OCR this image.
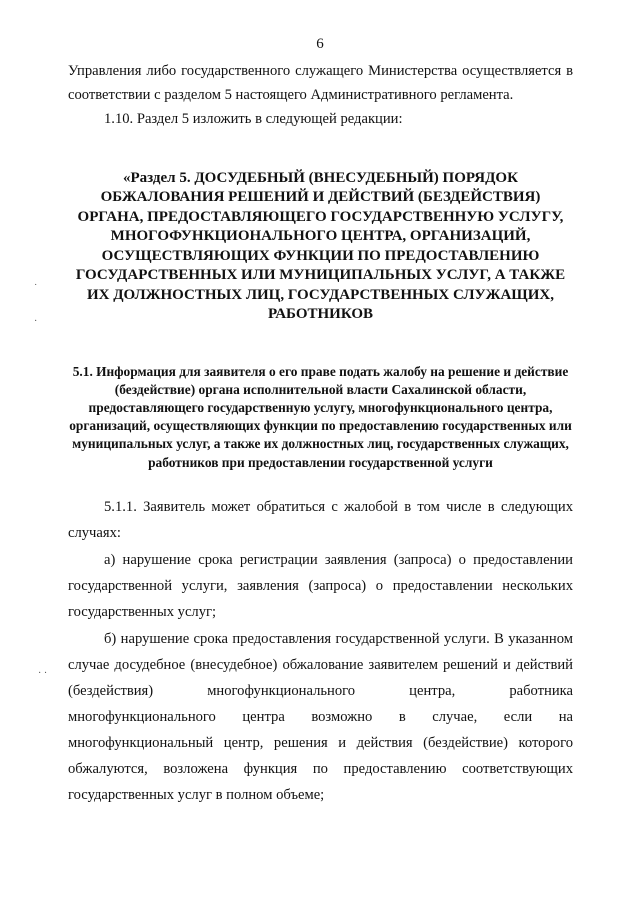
6
˙
·
· ·

Управления либо государственного служащего Министерства осуществляется в соответствии с разделом 5 настоящего Административного регламента.

1.10. Раздел 5 изложить в следующей редакции:

«Раздел 5. ДОСУДЕБНЫЙ (ВНЕСУДЕБНЫЙ) ПОРЯДОК ОБЖАЛОВАНИЯ РЕШЕНИЙ И ДЕЙСТВИЙ (БЕЗДЕЙСТВИЯ) ОРГАНА, ПРЕДОСТАВЛЯЮЩЕГО ГОСУДАРСТВЕННУЮ УСЛУГУ, МНОГОФУНКЦИОНАЛЬНОГО ЦЕНТРА, ОРГАНИЗАЦИЙ, ОСУЩЕСТВЛЯЮЩИХ ФУНКЦИИ ПО ПРЕДОСТАВЛЕНИЮ ГОСУДАРСТВЕННЫХ ИЛИ МУНИЦИПАЛЬНЫХ УСЛУГ, А ТАКЖЕ ИХ ДОЛЖНОСТНЫХ ЛИЦ, ГОСУДАРСТВЕННЫХ СЛУЖАЩИХ, РАБОТНИКОВ
5.1. Информация для заявителя о его праве подать жалобу на решение и действие (бездействие) органа исполнительной власти Сахалинской области, предоставляющего государственную услугу, многофункционального центра, организаций, осуществляющих функции по предоставлению государственных или муниципальных услуг, а также их должностных лиц, государственных служащих, работников при предоставлении государственной услуги

5.1.1. Заявитель может обратиться с жалобой в том числе в следующих случаях:

а) нарушение срока регистрации заявления (запроса) о предоставлении государственной услуги, заявления (запроса) о предоставлении нескольких государственных услуг;

б) нарушение срока предоставления государственной услуги. В указанном случае досудебное (внесудебное) обжалование заявителем решений и действий (бездействия) многофункционального центра, работника многофункционального центра возможно в случае, если на многофункциональный центр, решения и действия (бездействие) которого обжалуются, возложена функция по предоставлению соответствующих государственных услуг в полном объеме;
